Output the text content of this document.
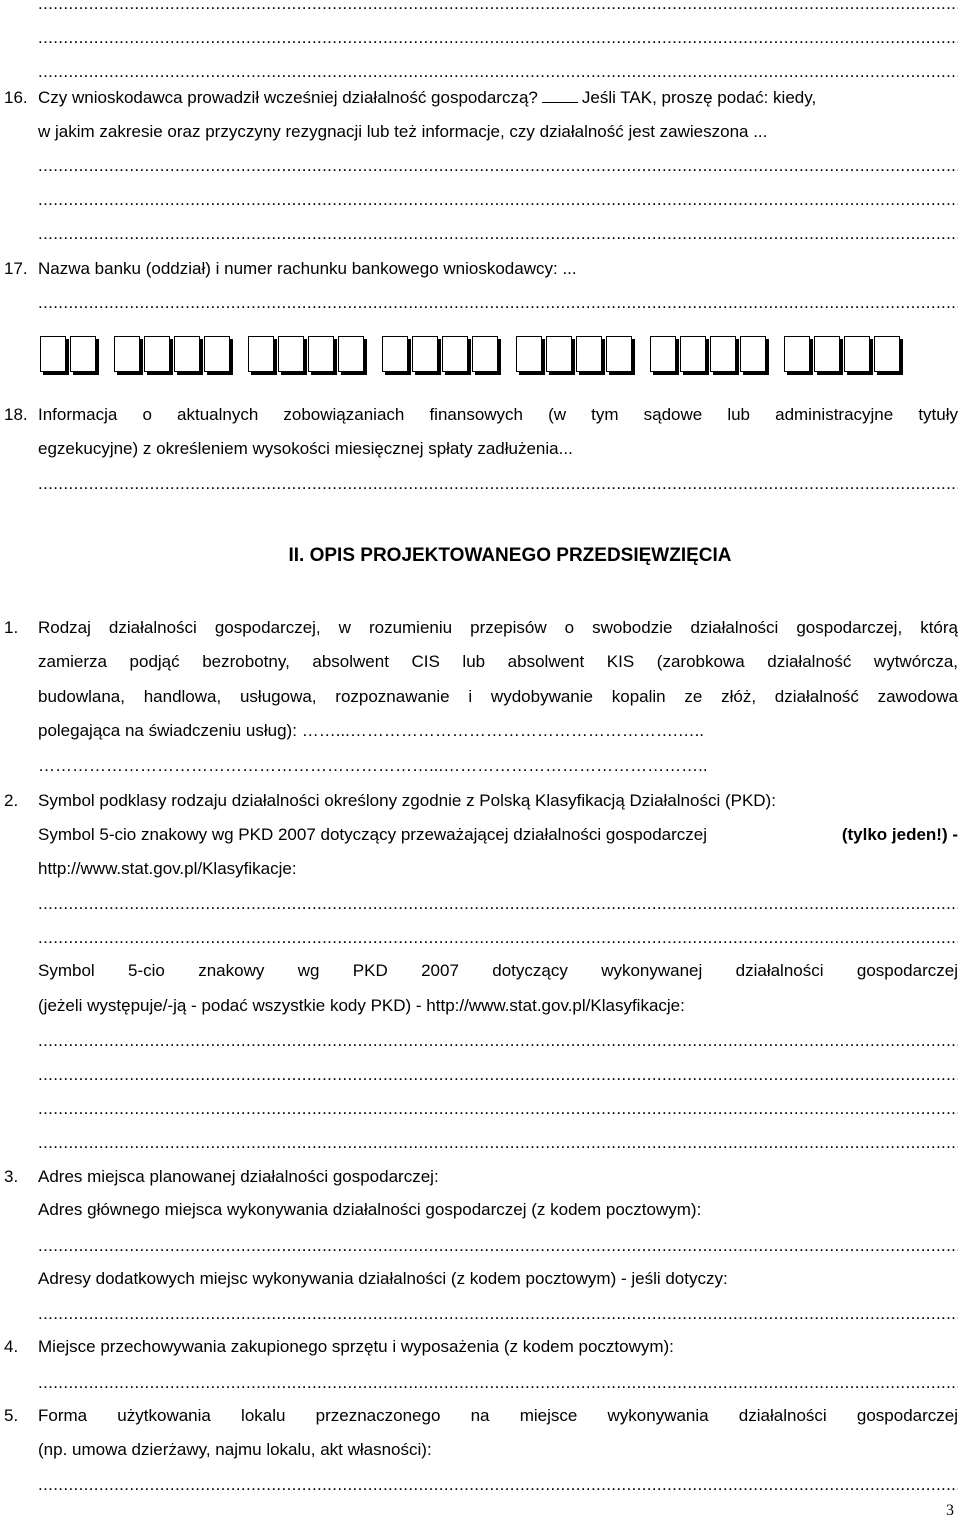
.....
.....
.....
16. Czy wnioskodawca prowadził wcześniej działalność gospodarczą?	Jeśli TAK, proszę podać: kiedy,
w jakim zakresie oraz przyczyny rezygnacji lub też informacje, czy działalność jest zawieszona ...
.....
.....
.....
17. Nazwa banku (oddział) i numer rachunku bankowego wnioskodawcy: ...
.....
18. Informacja o aktualnych zobowiązaniach finansowych (w tym sądowe lub administracyjne tytuły
egzekucyjne) z określeniem wysokości miesięcznej spłaty zadłużenia...
.....
II. OPIS PROJEKTOWANEGO PRZEDSIĘWZIĘCIA
1. Rodzaj działalności gospodarczej, w rozumieniu przepisów o swobodzie działalności gospodarczej, którą
zamierza podjąć bezrobotny, absolwent CIS lub absolwent KIS (zarobkowa działalność wytwórcza,
budowlana, handlowa, usługowa, rozpoznawanie i wydobywanie kopalin ze złóż, działalność zawodowa
polegająca na świadczeniu usług): ……...………………………………………………….…..
……………………………………………………………...………………………………………..
2. Symbol podklasy rodzaju działalności określony zgodnie z Polską Klasyfikacją Działalności (PKD):
Symbol 5-cio znakowy wg PKD 2007 dotyczący przeważającej działalności gospodarczej	(tylko jeden!) -
http://www.stat.gov.pl/Klasyfikacje:
.....
.....
Symbol 5-cio znakowy wg PKD 2007 dotyczący wykonywanej działalności gospodarczej
(jeżeli występuje/-ją - podać wszystkie kody PKD) - http://www.stat.gov.pl/Klasyfikacje:
.....
.....
.....
.....
3. Adres miejsca planowanej działalności gospodarczej:
Adres głównego miejsca wykonywania działalności gospodarczej (z kodem pocztowym):
.....
Adresy dodatkowych miejsc wykonywania działalności (z kodem pocztowym) - jeśli dotyczy:
.....
4. Miejsce przechowywania zakupionego sprzętu i wyposażenia (z kodem pocztowym):
.....
5. Forma użytkowania lokalu przeznaczonego na miejsce wykonywania działalności gospodarczej
(np. umowa dzierżawy, najmu lokalu, akt własności):
.....
3
